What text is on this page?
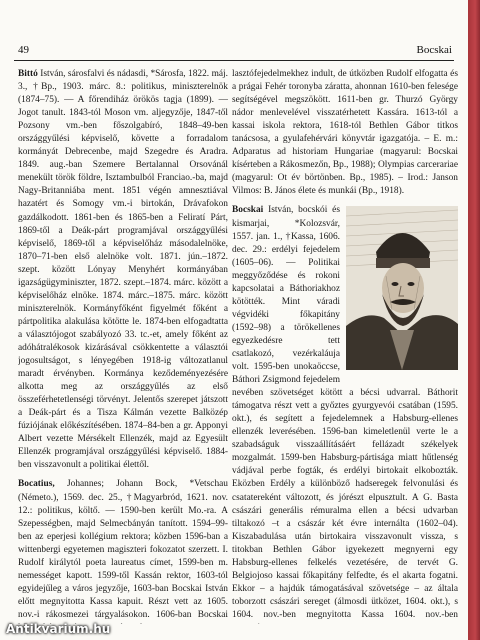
49	Bocskai

Bittó István, sárosfalvi és nádasdi, *Sárosfa, 1822. máj. 3., †Bp., 1903. márc. 8.: politikus, miniszterelnök (1874–75). — A főrendiház örökös tagja (1899). — Jogot tanult. 1843-tól Moson vm. aljegyzője, 1847-től Pozsony vm.-ben főszolgabíró, 1848–49-ben országgyűlési képviselő, követte a forradalom kormányát Debrecenbe, majd Szegedre és Aradra. 1849. aug.-ban Szemere Bertalannal Orsovánál menekült török földre, Isztambulból Franciao.-ba, majd Nagy-Britanniába ment. 1851 végén amnesztiával hazatért és Somogy vm.-i birtokán, Drávafokon gazdálkodott. 1861-ben és 1865-ben a Feliratí Párt, 1869-től a Deák-párt programjával országgyűlési képviselő, 1869-től a képviselőház másodalelnöke, 1870–71-ben első alelnöke volt. 1871. jún.–1872. szept. között Lónyay Menyhért kormányában igazságügyminiszter, 1872. szept.–1874. márc. között a képviselőház elnöke. 1874. márc.–1875. márc. között miniszterelnök. Kormányfőként figyelmét főként a pártpolitika alakulása kötötte le. 1874-ben elfogadtatta a választójogot szabályozó 33. tc.-et, amely főként az adóhátralékosok kizárásával csökkentette a választói jogosultságot, s lényegében 1918-ig változatlanul maradt érvényben. Kormánya keződeményezésére alkotta meg az országgyűlés az első összeférhetetlenségi törvényt. Jelentős szerepet játszott a Deák-párt és a Tisza Kálmán vezette Balközép fúziójának előkészítésében. 1874–84-ben a gr. Apponyi Albert vezette Mérsékelt Ellenzék, majd az Egyesült Ellenzék programjával országgyűlési képviselő. 1884-ben visszavonult a politikai élettől.

Bocatius, Johannes; Johann Bock, *Vetschau (Németo.), 1569. dec. 25., †Magyarbród, 1621. nov. 12.: politikus, költő. — 1590-ben került Mo.-ra. A Szepességben, majd Selmecbányán tanított. 1594–99-ben az eperjesi kollégium rektora; közben 1596-ban a wittenbergi egyetemen magiszteri fokozatot szerzett. I. Rudolf királytól poeta laureatus címet, 1599-ben m. nemességet kapott. 1599-től Kassán rektor, 1603-tól egyidejűleg a város jegyzője, 1603-ban Bocskai István előtt megnyitotta Kassa kapuit. Részt vett az 1605. nov.-i rákosmezei tárgyalásokon. 1606-ban Bocskai

lasztófejedelmekhez indult, de útközben Rudolf elfogatta és a prágai Fehér toronyba záratta, ahonnan 1610-ben felesége segítségével megszökött. 1611-ben gr. Thurzó György nádor menlevelével visszatérhetett Kassára. 1613-tól a kassai iskola rektora, 1618-tól Bethlen Gábor titkos tanácsosa, a gyulafehérvári könyvtár igazgatója. – E. m.: Adparatus ad historiam Hungariae (magyarul: Bocskai kísérteben a Rákosmezőn, Bp., 1988); Olympias carcerariae (magyarul: Ot év börtönben. Bp., 1985). – Irod.: Janson Vilmos: B. János élete és munkái (Bp., 1918).

Bocskai István, bocskói és kismarjai, *Kolozsvár, 1557. jan. 1., †Kassa, 1606. dec. 29.: erdélyi fejedelem (1605–06). — Politikai meggyőződése és rokoni kapcsolatai a Báthoriakhoz kötötték. Mint váradi végvidéki főkapitány (1592–98) a törökellenes egyezkedésre tett csatlakozó, vezérkaláuja volt. 1595-ben unokaöccse, Báthori Zsigmond fejedelem nevében szövetséget kötött a bécsi udvarral. Báthorit támogatva részt vett a győztes gyurgyevói csatában (1595. okt.), és segített a fejedelemnek a Habsburg-ellenes ellenzék leverésében. 1596-ban kimeletlenül verte le a szabadságuk visszaállításáért fellázadt székelyek mozgalmát. 1599-ben Habsburg-pártisága miatt hűtlenség vádjával perbe fogták, és erdélyi birtokait elkobozták. Eközben Erdély a különböző hadseregek felvonulási és csatatereként változott, és jórészt elpusztult. A G. Basta császári generális rémuralma ellen a bécsi udvarban tiltakozó –t a császár két évre internálta (1602–04). Kiszabadulása után birtokaira visszavonult vissza, s titokban Bethlen Gábor igyekezett megnyerni egy Habsburg-ellenes felkelés vezetésére, de tervét G. Belgiojoso kassai főkapitány felfedte, és el akarta fogatni. Ekkor – a hajdúk támogatásával szövetsége – az általa toborzott császári sereget (álmosdi ütközet, 1604. okt.), s 1604. nov.-ben megnyitotta Kassa 1604. nov.-ben

Antikvarium.hu
